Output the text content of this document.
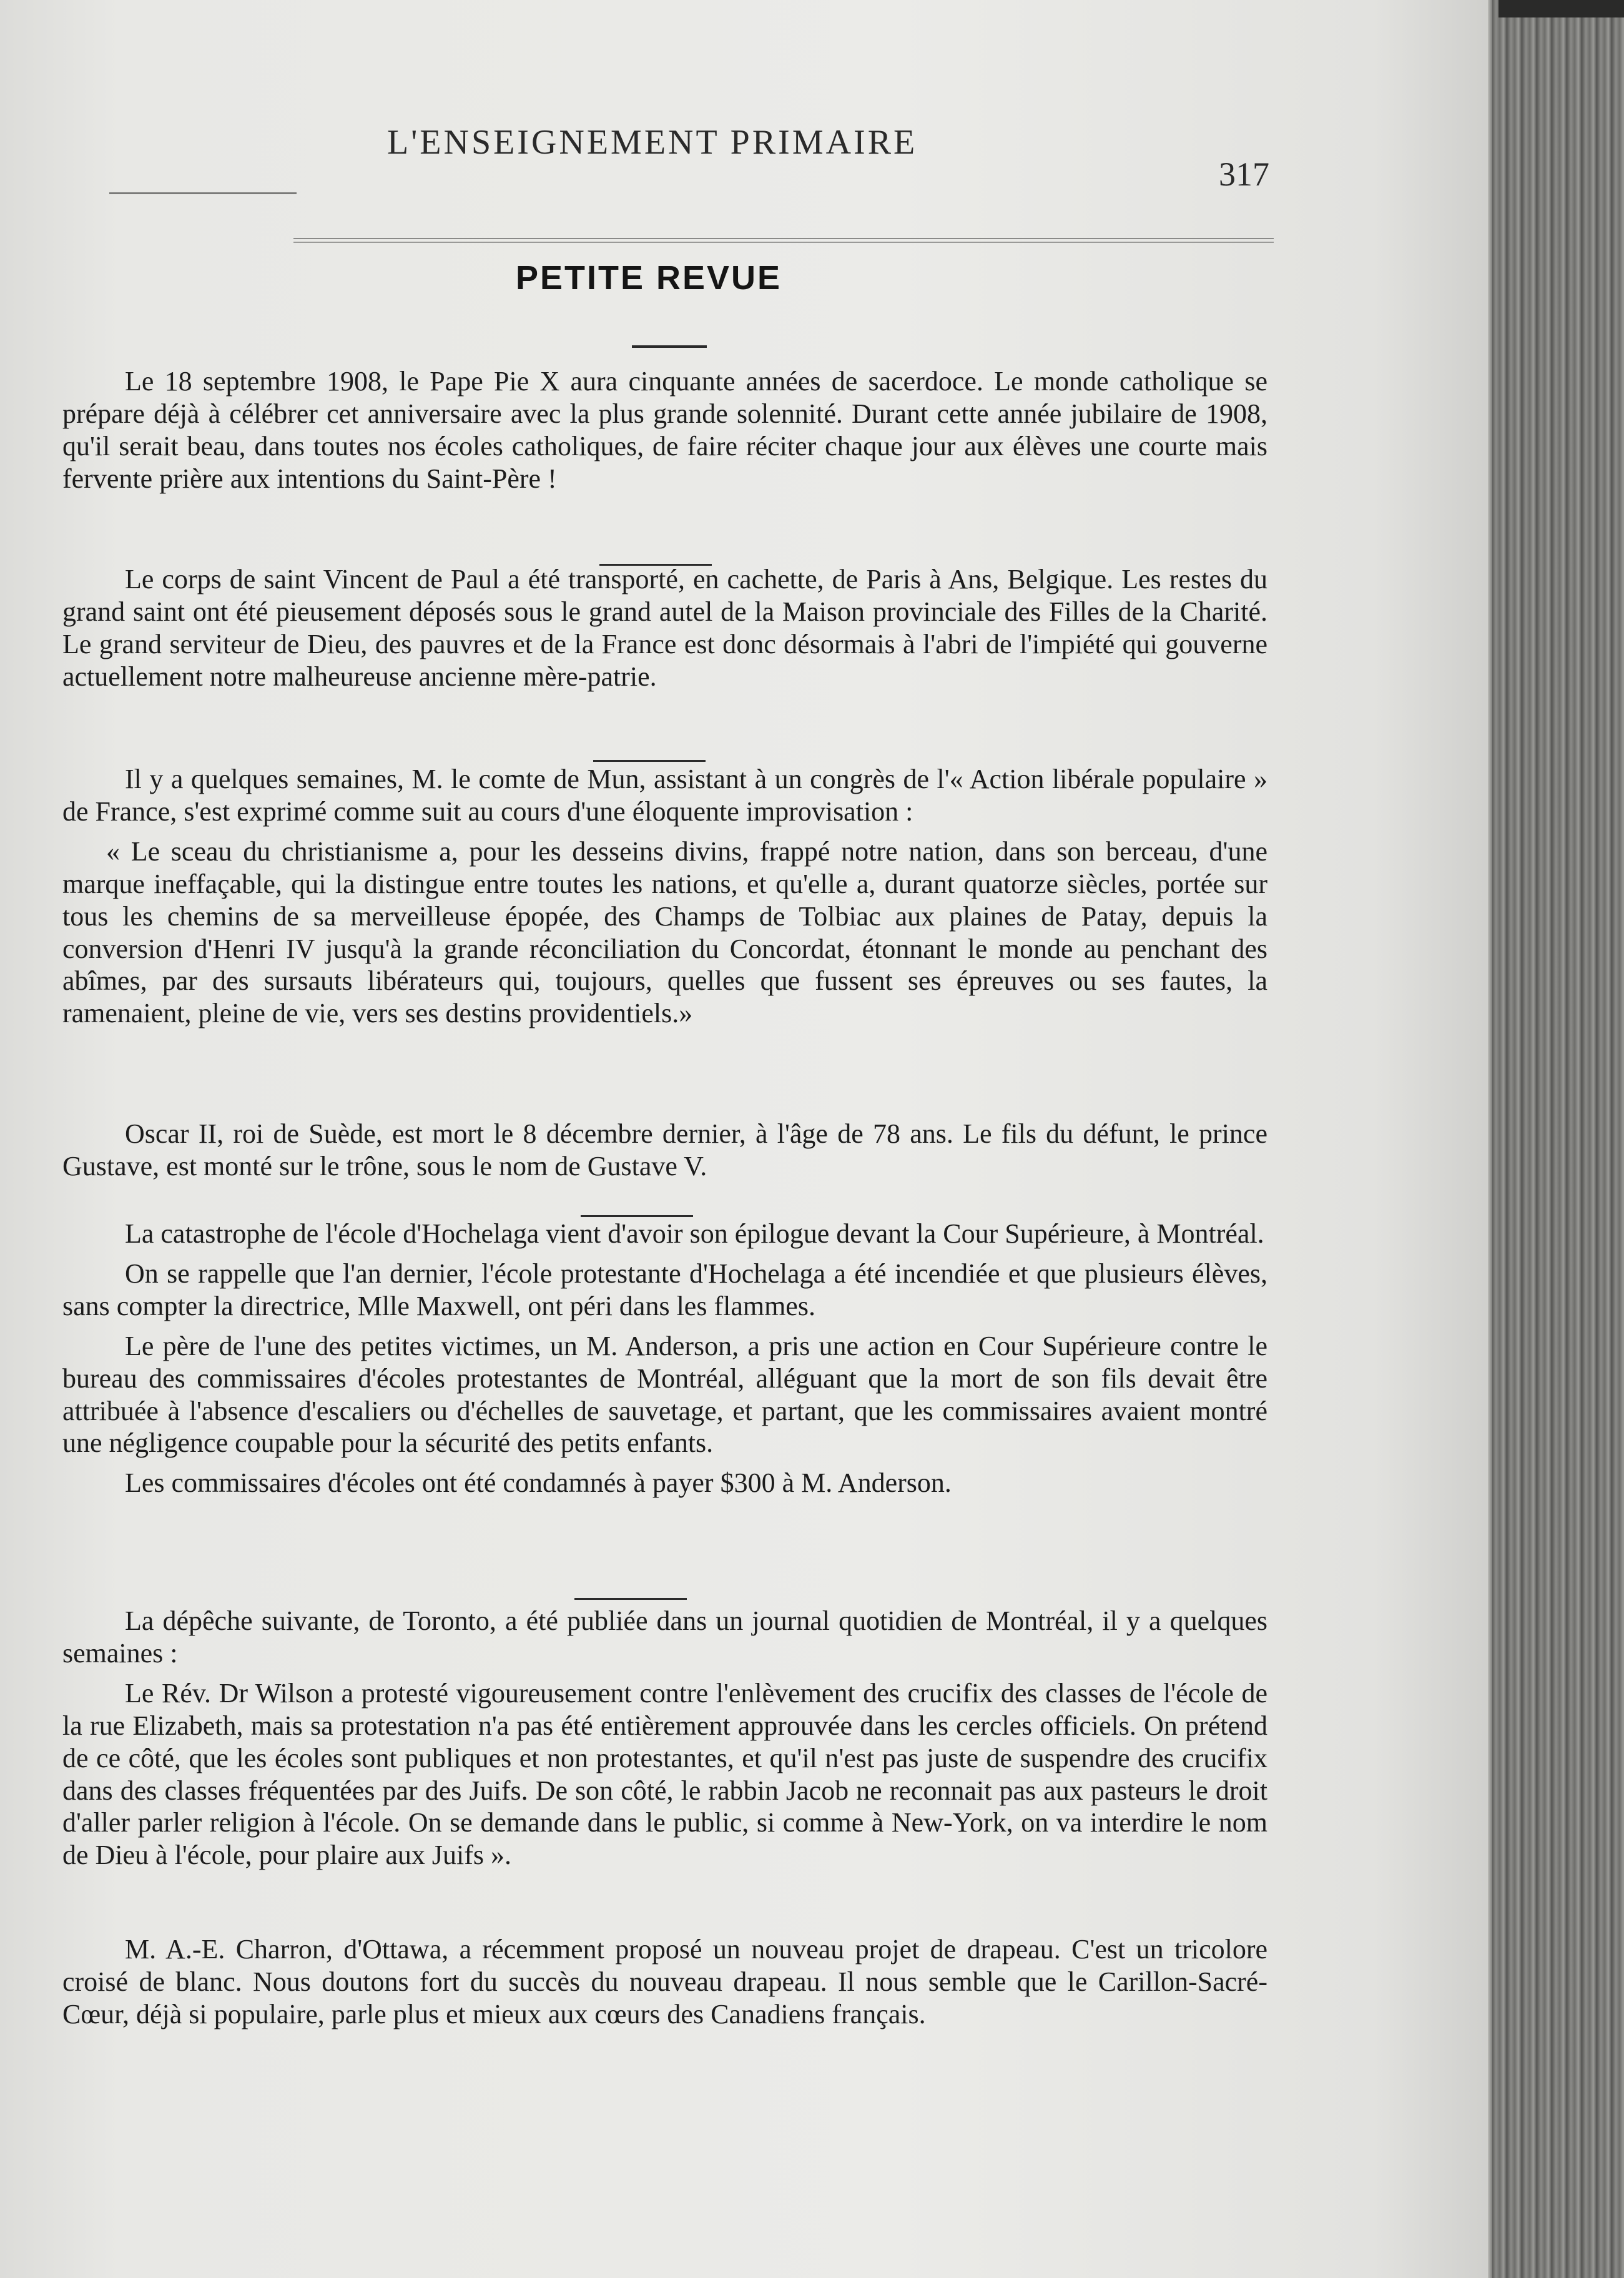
L'ENSEIGNEMENT PRIMAIRE
317
PETITE REVUE

Le 18 septembre 1908, le Pape Pie X aura cinquante années de sacerdoce. Le monde catholique se prépare déjà à célébrer cet anniversaire avec la plus grande solennité. Durant cette année jubilaire de 1908, qu'il serait beau, dans toutes nos écoles catholiques, de faire réciter chaque jour aux élèves une courte mais fervente prière aux intentions du Saint-Père !

Le corps de saint Vincent de Paul a été transporté, en cachette, de Paris à Ans, Belgique. Les restes du grand saint ont été pieusement déposés sous le grand autel de la Maison provinciale des Filles de la Charité. Le grand serviteur de Dieu, des pauvres et de la France est donc désormais à l'abri de l'impiété qui gouverne actuellement notre malheureuse ancienne mère-patrie.

Il y a quelques semaines, M. le comte de Mun, assistant à un congrès de l'« Action libérale populaire » de France, s'est exprimé comme suit au cours d'une éloquente improvisation :

« Le sceau du christianisme a, pour les desseins divins, frappé notre nation, dans son berceau, d'une marque ineffaçable, qui la distingue entre toutes les nations, et qu'elle a, durant quatorze siècles, portée sur tous les chemins de sa merveilleuse épopée, des Champs de Tolbiac aux plaines de Patay, depuis la conversion d'Henri IV jusqu'à la grande réconciliation du Concordat, étonnant le monde au penchant des abîmes, par des sursauts libérateurs qui, toujours, quelles que fussent ses épreuves ou ses fautes, la ramenaient, pleine de vie, vers ses destins providentiels.»

Oscar II, roi de Suède, est mort le 8 décembre dernier, à l'âge de 78 ans. Le fils du défunt, le prince Gustave, est monté sur le trône, sous le nom de Gustave V.

La catastrophe de l'école d'Hochelaga vient d'avoir son épilogue devant la Cour Supérieure, à Montréal.

On se rappelle que l'an dernier, l'école protestante d'Hochelaga a été incendiée et que plusieurs élèves, sans compter la directrice, Mlle Maxwell, ont péri dans les flammes.

Le père de l'une des petites victimes, un M. Anderson, a pris une action en Cour Supérieure contre le bureau des commissaires d'écoles protestantes de Montréal, alléguant que la mort de son fils devait être attribuée à l'absence d'escaliers ou d'échelles de sauvetage, et partant, que les commissaires avaient montré une négligence coupable pour la sécurité des petits enfants.

Les commissaires d'écoles ont été condamnés à payer $300 à M. Anderson.

La dépêche suivante, de Toronto, a été publiée dans un journal quotidien de Montréal, il y a quelques semaines :

Le Rév. Dr Wilson a protesté vigoureusement contre l'enlèvement des crucifix des classes de l'école de la rue Elizabeth, mais sa protestation n'a pas été entièrement approuvée dans les cercles officiels. On prétend de ce côté, que les écoles sont publiques et non protestantes, et qu'il n'est pas juste de suspendre des crucifix dans des classes fréquentées par des Juifs. De son côté, le rabbin Jacob ne reconnait pas aux pasteurs le droit d'aller parler religion à l'école. On se demande dans le public, si comme à New-York, on va interdire le nom de Dieu à l'école, pour plaire aux Juifs ».

M. A.-E. Charron, d'Ottawa, a récemment proposé un nouveau projet de drapeau. C'est un tricolore croisé de blanc. Nous doutons fort du succès du nouveau drapeau. Il nous semble que le Carillon-Sacré-Cœur, déjà si populaire, parle plus et mieux aux cœurs des Canadiens français.
